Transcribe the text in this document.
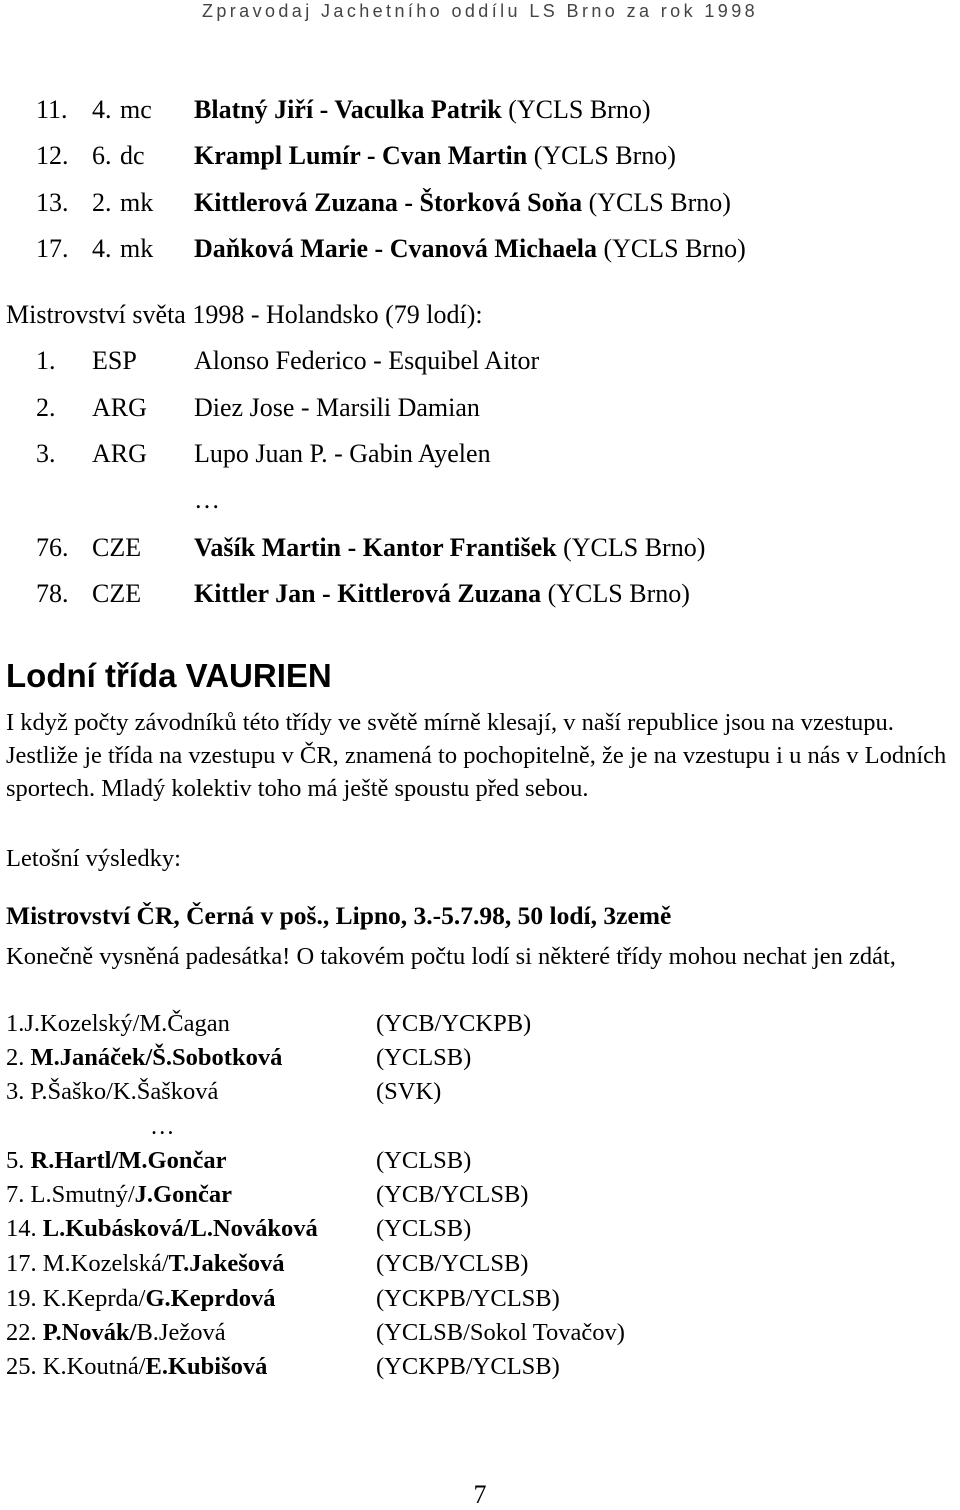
Zpravodaj Jachetního oddílu LS Brno za rok 1998
11. 4. mc Blatný Jiří - Vaculka Patrik (YCLS Brno)
12. 6. dc Krampl Lumír - Cvan Martin (YCLS Brno)
13. 2. mk Kittlerová Zuzana - Štorková Soňa (YCLS Brno)
17. 4. mk Daňková Marie - Cvanová Michaela (YCLS Brno)
Mistrovství světa 1998 - Holandsko (79 lodí):
1. ESP Alonso Federico - Esquibel Aitor
2. ARG Diez Jose - Marsili Damian
3. ARG Lupo Juan P. - Gabin Ayelen
…
76. CZE Vašík Martin - Kantor František (YCLS Brno)
78. CZE Kittler Jan - Kittlerová Zuzana (YCLS Brno)
Lodní třída VAURIEN
I když počty závodníků této třídy ve světě mírně klesají, v naší republice jsou na vzestupu. Jestliže je třída na vzestupu v ČR, znamená to pochopitelně, že je na vzestupu i u nás v Lodních sportech. Mladý kolektiv toho má ještě spoustu před sebou.
Letošní výsledky:
Mistrovství ČR, Černá v poš., Lipno, 3.-5.7.98, 50 lodí, 3země
Konečně vysněná padesátka! O takovém počtu lodí si některé třídy mohou nechat jen zdát,
1.J.Kozelský/M.Čagan	(YCB/YCKPB)
2. M.Janáček/Š.Sobotková	(YCLSB)
3. P.Šaško/K.Šašková	(SVK)
…
5. R.Hartl/M.Gončar	(YCLSB)
7. L.Smutný/J.Gončar	(YCB/YCLSB)
14. L.Kubásková/L.Nováková (YCLSB)
17. M.Kozelská/T.Jakešová	(YCB/YCLSB)
19. K.Keprda/G.Keprdová	(YCKPB/YCLSB)
22. P.Novák/B.Ježová	(YCLSB/Sokol Tovačov)
25. K.Koutná/E.Kubišová	(YCKPB/YCLSB)
7
